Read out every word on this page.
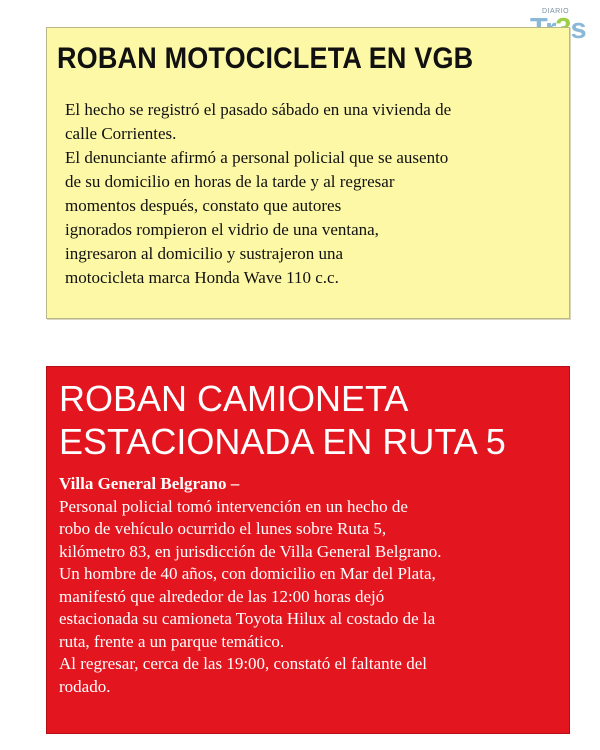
DIARIO
s
ROBAN MOTOCICLETA EN VGB

El hecho se registró el pasado sábado en una vivienda de

calle Corrientes.

El denunciante afirmó a personal policial que se ausento

de su domicilio en horas de la tarde y al regresar

momentos después, constato que autores

ignorados rompieron el vidrio de una ventana,

ingresaron al domicilio y sustrajeron una

motocicleta marca Honda Wave 110 c.c.

ROBAN CAMIONETA
ESTACIONADA EN RUTA 5

Villa General Belgrano –

Personal policial tomó intervención en un hecho de

robo de vehículo ocurrido el lunes sobre Ruta 5,

kilómetro 83, en jurisdicción de Villa General Belgrano.

Un hombre de 40 años, con domicilio en Mar del Plata,

manifestó que alrededor de las 12:00 horas dejó

estacionada su camioneta Toyota Hilux al costado de la

ruta, frente a un parque temático.

Al regresar, cerca de las 19:00, constató el faltante del

rodado.
